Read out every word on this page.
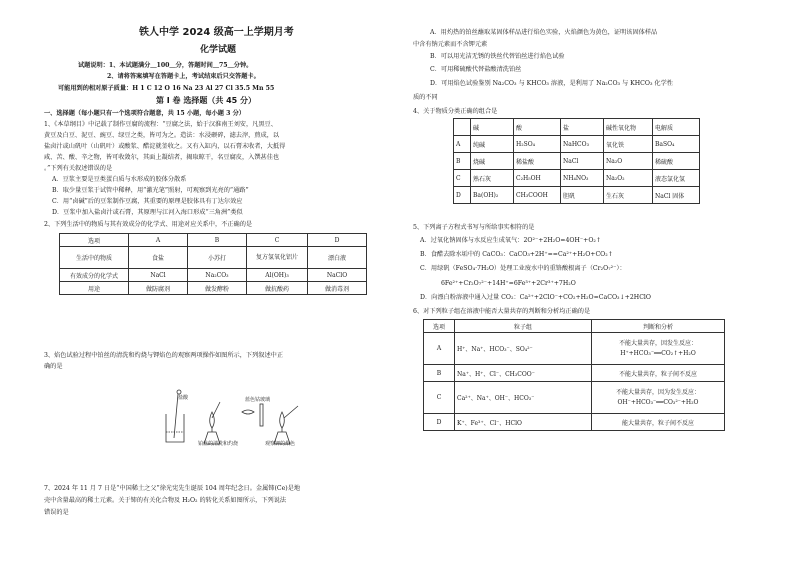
铁人中学 2024 级高一上学期月考
化学试题
试题说明：1、本试题满分＿100＿分，答题时间＿75＿分钟。
2、请将答案填写在答题卡上，考试结束后只交答题卡。
可能用到的相对原子质量：H 1 C 12 O 16 Na 23 Al 27 Cl 35.5 Mn 55
第 I 卷 选择题（共 45 分）
一、选择题（每小题只有一个选项符合题意，共 15 小题，每小题 3 分）
1、《本草纲目》中记载了制作豆腐的流程：“豆腐之法，始于汉淮南王刘安，凡黑豆、
黄豆及白豆、泥豆、豌豆、绿豆之类，皆可为之。造法：水浸碨碎，滤去滓，煎成，以
盐卤汁或山矾叶（山矾叶）或酸浆、醋淀就釜收之。又有入缸内，以石膏末收者，大抵得
咸、苦、酸、辛之物，皆可收敛尔，其面上凝结者，揭取晾干，名豆腐皮，入馔甚佳也
。”下列有关叙述错误的是
A．豆浆主要是豆类蛋白质与水形成的胶体分散系
B．取少量豆浆于试管中稀释，用“激光笔”照射，可观察到光亮的“通路”
C．用“卤碱”后的豆浆制作豆腐，其重要的原理是胶体具有丁达尔效应
D．豆浆中加入盐卤汁或石膏，其原理与江河入海口形成“三角洲”类似
2、下列生活中的物质与其有效成分的化学式、用途对应关系中，不正确的是
选项	A	B	C	D
生活中的物质	食盐	小苏打	复方氢氧化铝片	漂白液
有效成分的化学式	NaCl	Na₂CO₃	Al(OH)₃	NaClO
用途	做防腐剂	做发酵粉	做抗酸药	做消毒剂
3、焰色试验过程中铂丝的清洗和灼烧与钾焰色的观察两项操作如图所示，下列叙述中正
确的是
盐酸	蓝色钴玻璃
铂丝的清洗和灼烧	观察钾的焰色
7、2024 年 11 月 7 日是“中国稀土之父”徐光宪先生诞辰 104 周年纪念日。金属铈(Ce)是地
壳中含量最高的稀土元素。关于铈的有关化合物及 H₂O₂ 的转化关系如图所示，下列说法
错误的是
A．用灼热的铂丝蘸取某固体样品进行焰色实验，火焰颜色为黄色，证明该固体样品
中含有钠元素而不含钾元素
B．可以用光洁无锈的铁丝代替铂丝进行焰色试验
C．可用稀硫酸代替盐酸清洗铂丝
D．可用焰色试验鉴别 Na₂CO₃ 与 KHCO₃ 溶液，是利用了 Na₂CO₃ 与 KHCO₃ 化学性
质的不同
4、关于物质分类正确的组合是
	碱	酸	盐	碱性氧化物	电解质
A	纯碱	H₂SO₄	NaHCO₃	氧化铁	BaSO₄
B	烧碱	稀盐酸	NaCl	Na₂O	稀硫酸
C	熟石灰	C₂H₅OH	NH₄NO₃	Na₂O₂	液态氯化氢
D	Ba(OH)₂	CH₃COOH	胆矾	生石灰	NaCl 固体
5、下列离子方程式书写与所给事实相符的是
A．过氧化钠固体与水反应生成氧气：2O²⁻+2H₂O=4OH⁻+O₂↑
B．食醋去除水垢中的 CaCO₃：CaCO₃+2H⁺==Ca²⁺+H₂O+CO₂↑
C．用绿矾（FeSO₄·7H₂O）处理工业废水中的重铬酸根离子（Cr₂O₇²⁻）：
6Fe²⁺+Cr₂O₇²⁻+14H⁺=6Fe³⁺+2Cr³⁺+7H₂O
D．向漂白粉溶液中通入过量 CO₂：Ca²⁺+2ClO⁻+CO₂+H₂O=CaCO₃↓+2HClO
6、对下列粒子组在溶液中能否大量共存的判断和分析均正确的是
选项	粒子组	判断和分析
A	H⁺、Na⁺、HCO₃⁻、SO₄²⁻	不能大量共存，因发生反应：
H⁺+HCO₃⁻══CO₂↑+H₂O

B	Na⁺、H⁺、Cl⁻、CH₃COO⁻	不能大量共存，粒子间不反应
C	Ca²⁺、Na⁺、OH⁻、HCO₃⁻	不能大量共存，因为发生反应：
OH⁻+HCO₃⁻══CO₃²⁻+H₂O

D	K⁺、Fe³⁺、Cl⁻、HClO	能大量共存，粒子间不反应
